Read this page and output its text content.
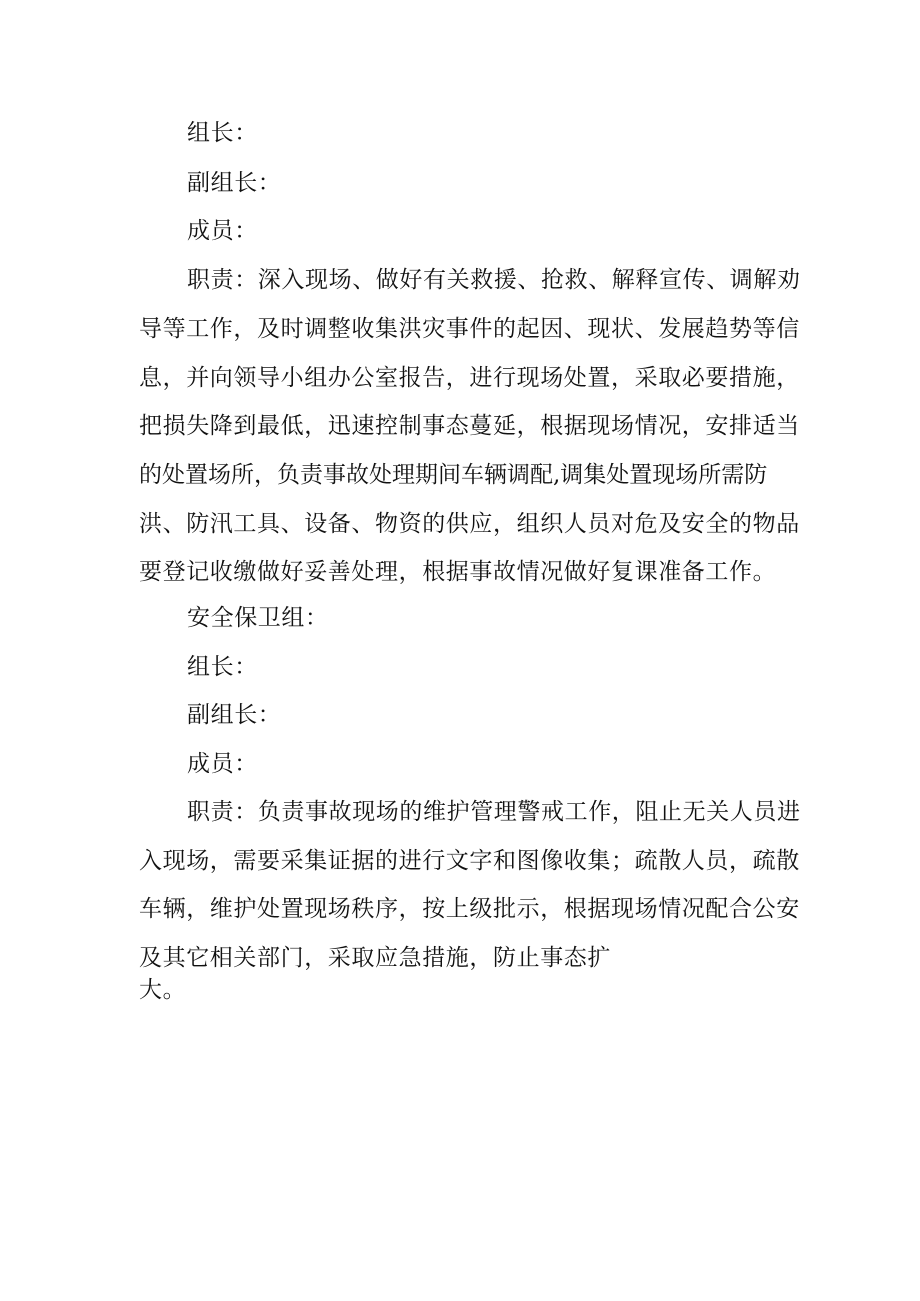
组长：
副组长：
成员：
职责：深入现场、做好有关救援、抢救、解释宣传、调解劝
导等工作，及时调整收集洪灾事件的起因、现状、发展趋势等信
息，并向领导小组办公室报告，进行现场处置，采取必要措施，
把损失降到最低，迅速控制事态蔓延，根据现场情况，安排适当
的处置场所，负责事故处理期间车辆调配,调集处置现场所需防
洪、防汛工具、设备、物资的供应，组织人员对危及安全的物品
要登记收缴做好妥善处理，根据事故情况做好复课准备工作。
安全保卫组：
组长：
副组长：
成员：
职责：负责事故现场的维护管理警戒工作，阻止无关人员进
入现场，需要采集证据的进行文字和图像收集；疏散人员，疏散
车辆，维护处置现场秩序，按上级批示，根据现场情况配合公安
及其它相关部门，采取应急措施，防止事态扩
大。
